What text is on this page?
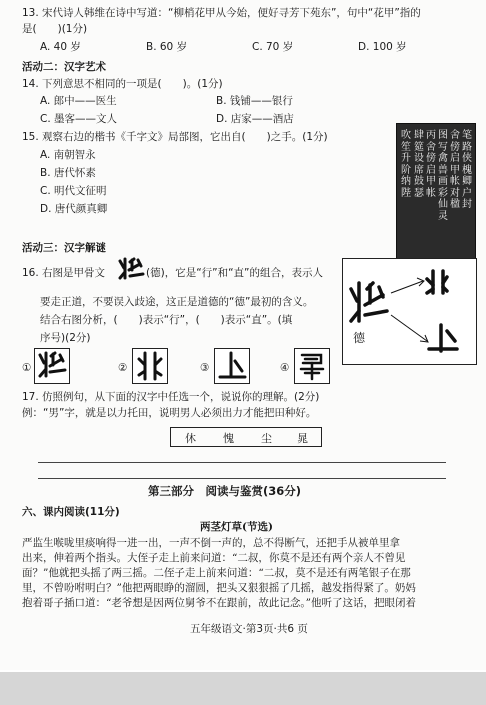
13. 宋代诗人韩维在诗中写道：“柳梢花甲从今始，便好寻芳下苑东”，句中“花甲”指的
是(　　)(1分)
A. 40 岁	B. 60 岁	C. 70 岁	D. 100 岁
活动二：汉字艺术
14. 下列意思不相同的一项是(　　)。(1分)
A. 郎中——医生	B. 钱铺——银行
C. 墨客——文人	D. 店家——酒店
15. 观察右边的楷书《千字文》局部图，它出自(　　)之手。(1分)
A. 南朝智永
B. 唐代怀素
C. 明代文征明
D. 唐代颜真卿
笔路侠槐卿户封
舍傍启甲帐对楹
图写禽兽画彩仙灵
丙舍傍启甲帐
肆筵设席鼓瑟
吹笙升阶纳陛
活动三：汉字解谜
16. 右图是甲骨文	(德)，它是“行”和“直”的组合，表示人
要走正道，不要误入歧途，这正是道德的“德”最初的含义。
结合右图分析，(　　)表示“行”，(　　)表示“直”。(填
序号)(2分)	德
①	②	③	④
17. 仿照例句，从下面的汉字中任选一个，说说你的理解。(2分)
例：“男”字，就是以力托田，说明男人必须出力才能把田种好。
休 愧 尘 晁
第三部分　阅读与鉴赏(36分)
六、课内阅读(11分)
两茎灯草(节选)
严监生喉咙里痰响得一进一出，一声不倒一声的，总不得断气，还把手从被单里拿
出来，伸着两个指头。大侄子走上前来问道：“二叔，你莫不是还有两个亲人不曾见
面？”他就把头摇了两三摇。二侄子走上前来问道：“二叔，莫不是还有两笔银子在那
里，不曾吩咐明白？”他把两眼睁的溜圆，把头又狠狠摇了几摇，越发指得紧了。奶妈
抱着哥子插口道：“老爷想是因两位舅爷不在跟前，故此记念。”他听了这话，把眼闭着
五年级语文·第3页·共6 页
